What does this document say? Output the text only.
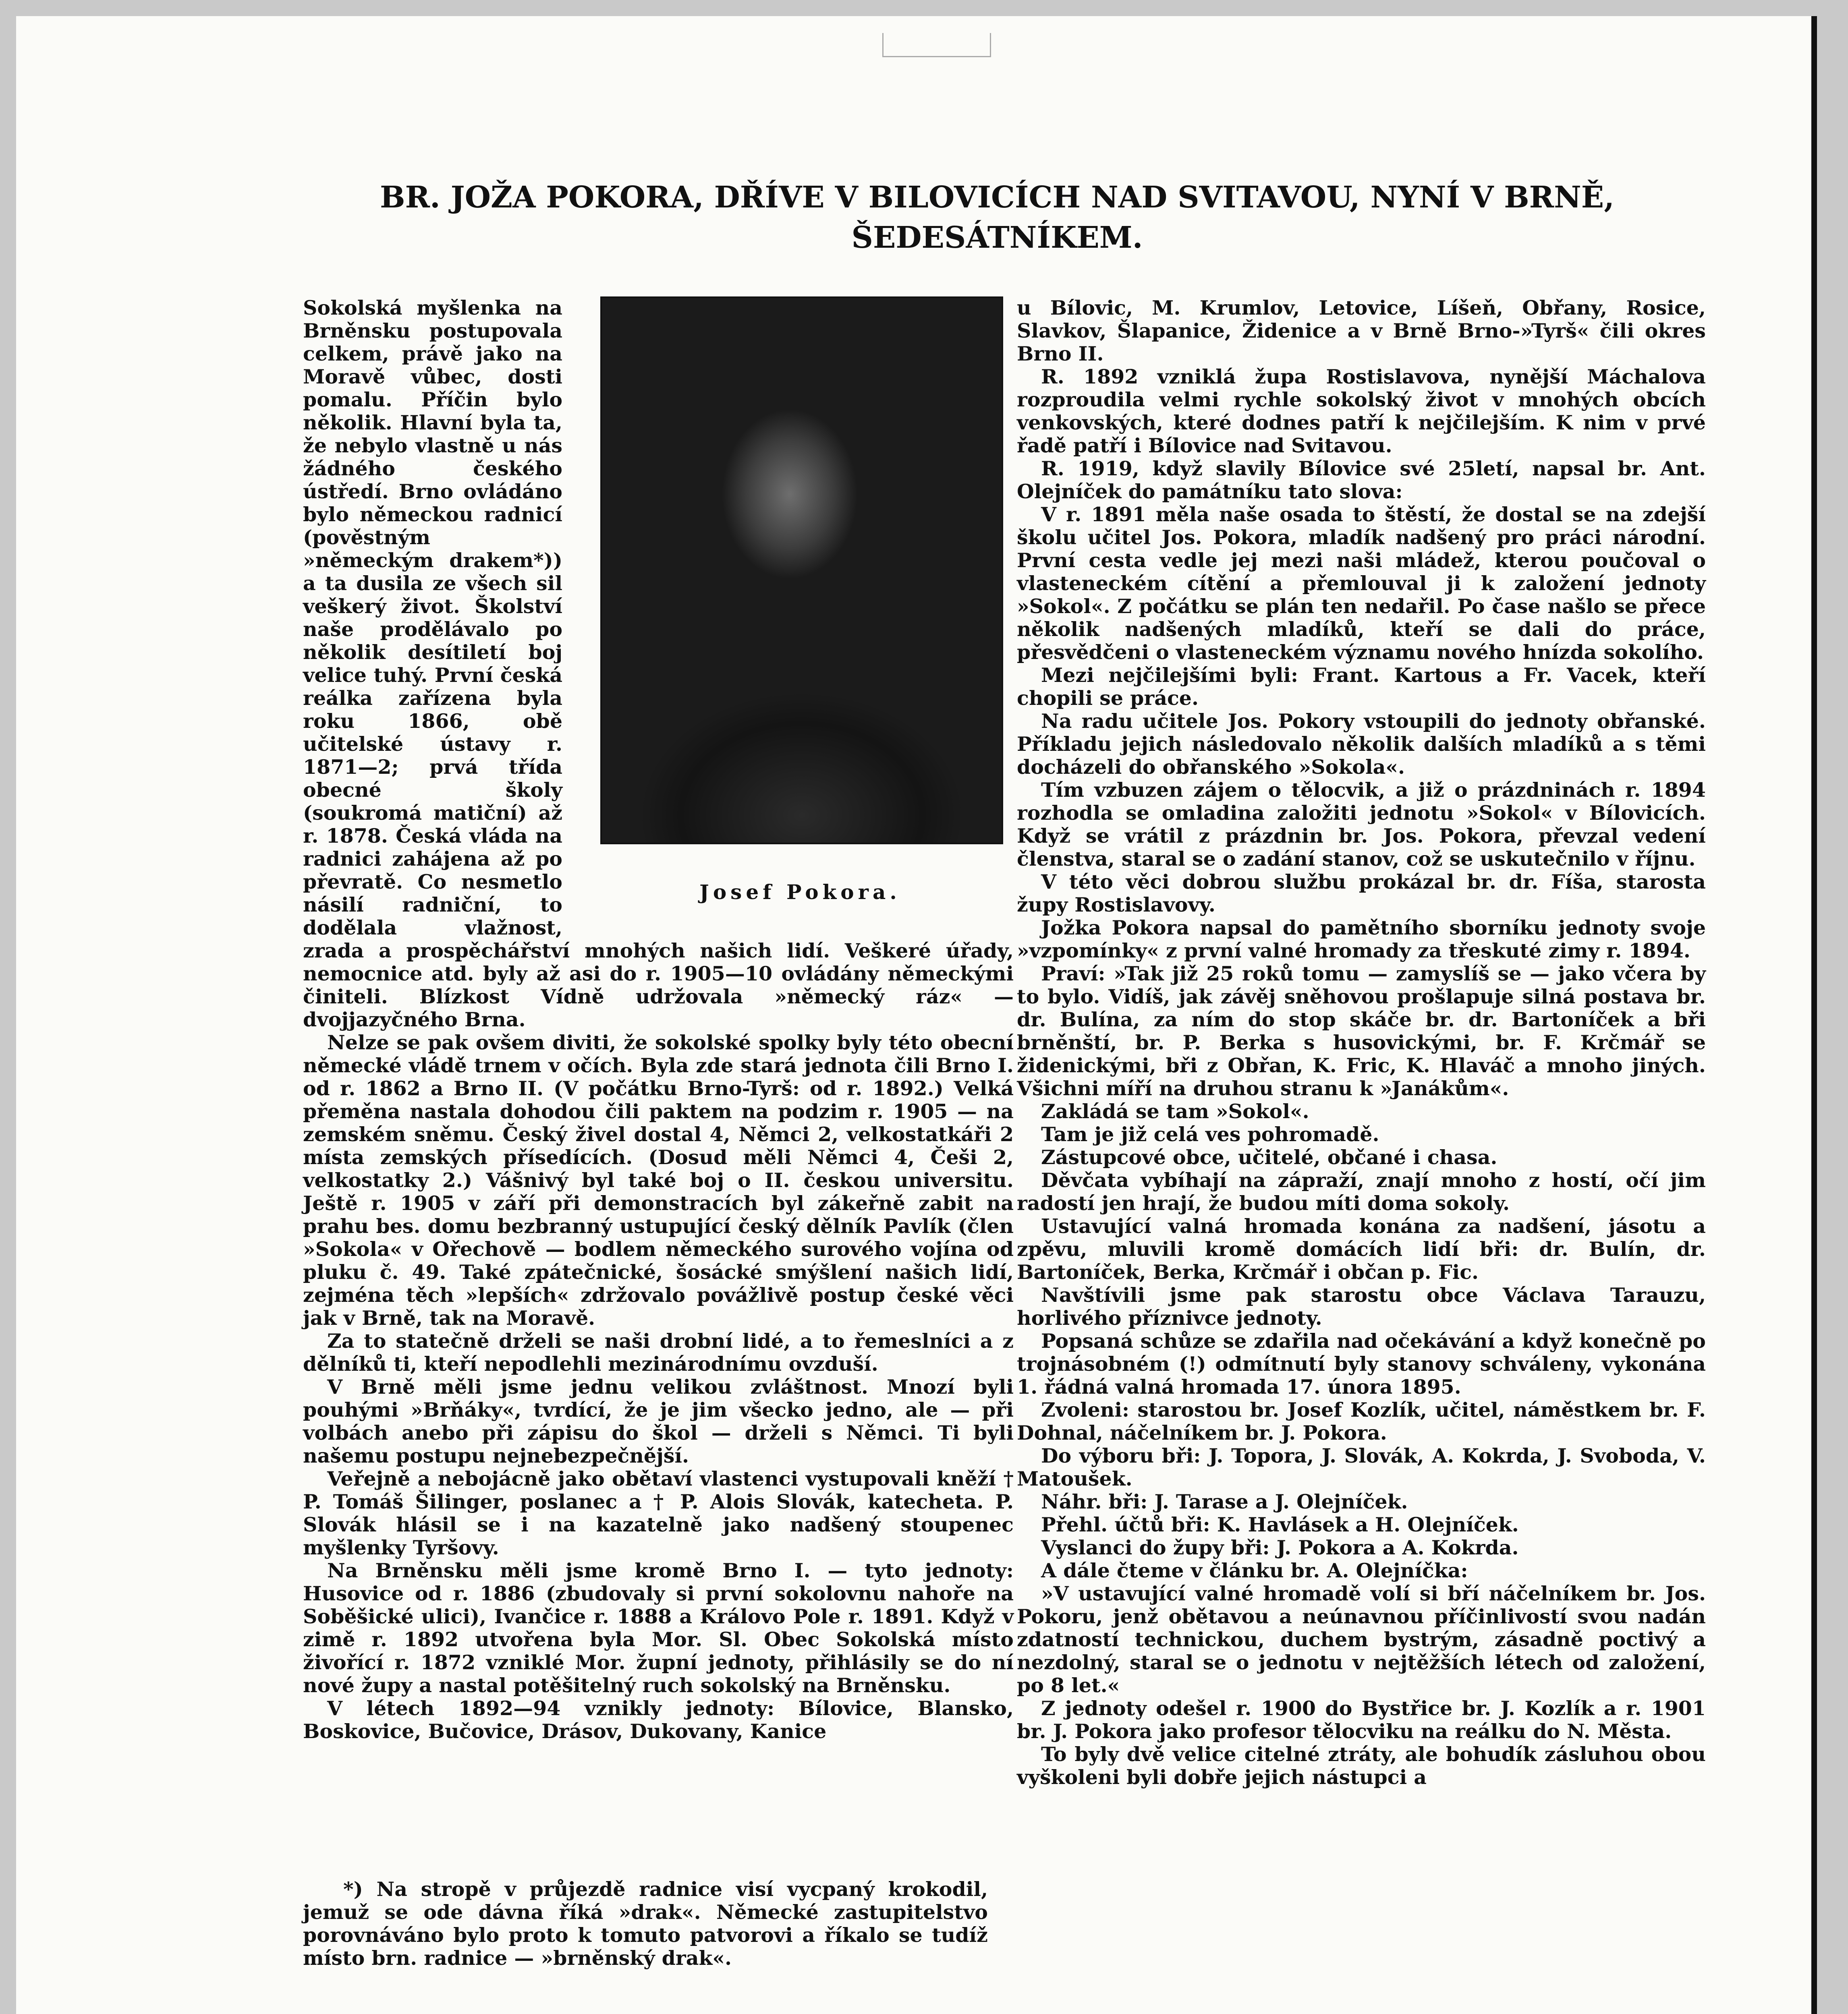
BR. JOŽA POKORA, DŘÍVE V BILOVICÍCH NAD SVITAVOU, NYNÍ V BRNĚ, ŠEDESÁTNÍKEM.
Josef Pokora.

Sokolská myšlenka na Brněnsku postupovala celkem, právě jako na Moravě vůbec, dosti pomalu. Příčin bylo několik. Hlavní byla ta, že nebylo vlastně u nás žádného českého ústředí. Brno ovládáno bylo německou radnicí (pověstným »německým drakem*)) a ta dusila ze všech sil veškerý život. Školství naše prodělávalo po několik desítiletí boj velice tuhý. První česká reálka zařízena byla roku 1866, obě učitelské ústavy r. 1871—2; prvá třída obecné školy (soukromá matiční) až r. 1878. Česká vláda na radnici zahájena až po převratě. Co nesmetlo násilí radniční, to dodělala vlažnost, zrada a prospěchářství mnohých našich lidí. Veškeré úřady, nemocnice atd. byly až asi do r. 1905—10 ovládány německými činiteli. Blízkost Vídně udržovala »německý ráz« — dvojjazyčného Brna.

Nelze se pak ovšem diviti, že sokolské spolky byly této obecní německé vládě trnem v očích. Byla zde stará jednota čili Brno I. od r. 1862 a Brno II. (V počátku Brno-Tyrš: od r. 1892.) Velká přeměna nastala dohodou čili paktem na podzim r. 1905 — na zemském sněmu. Český živel dostal 4, Němci 2, velkostatkáři 2 místa zemských přísedících. (Dosud měli Němci 4, Češi 2, velkostatky 2.) Vášnivý byl také boj o II. českou universitu. Ještě r. 1905 v září při demonstracích byl zákeřně zabit na prahu bes. domu bezbranný ustupující český dělník Pavlík (člen »Sokola« v Ořechově — bodlem německého surového vojína od pluku č. 49. Také zpátečnické, šosácké smýšlení našich lidí, zejména těch »lepších« zdržovalo povážlivě postup české věci jak v Brně, tak na Moravě.

Za to statečně drželi se naši drobní lidé, a to řemeslníci a z dělníků ti, kteří nepodlehli mezinárodnímu ovzduší.

V Brně měli jsme jednu velikou zvláštnost. Mnozí byli pouhými »Brňáky«, tvrdící, že je jim všecko jedno, ale — při volbách anebo při zápisu do škol — drželi s Němci. Ti byli našemu postupu nejnebezpečnější.

Veřejně a nebojácně jako obětaví vlastenci vystupovali kněží † P. Tomáš Šilinger, poslanec a † P. Alois Slovák, katecheta. P. Slovák hlásil se i na kazatelně jako nadšený stoupenec myšlenky Tyršovy.

Na Brněnsku měli jsme kromě Brno I. — tyto jednoty: Husovice od r. 1886 (zbudovaly si první sokolovnu nahoře na Soběšické ulici), Ivančice r. 1888 a Královo Pole r. 1891. Když v zimě r. 1892 utvořena byla Mor. Sl. Obec Sokolská místo živořící r. 1872 vzniklé Mor. župní jednoty, přihlásily se do ní nové župy a nastal potěšitelný ruch sokolský na Brněnsku.

V létech 1892—94 vznikly jednoty: Bílovice, Blansko, Boskovice, Bučovice, Drásov, Dukovany, Kanice

*) Na stropě v průjezdě radnice visí vycpaný krokodil, jemuž se ode dávna říká »drak«. Německé zastupitelstvo porovnáváno bylo proto k tomuto patvorovi a říkalo se tudíž místo brn. radnice — »brněnský drak«.

u Bílovic, M. Krumlov, Letovice, Líšeň, Obřany, Rosice, Slavkov, Šlapanice, Židenice a v Brně Brno-»Tyrš« čili okres Brno II.

R. 1892 vzniklá župa Rostislavova, nynější Máchalova rozproudila velmi rychle sokolský život v mnohých obcích venkovských, které dodnes patří k nejčilejším. K nim v prvé řadě patří i Bílovice nad Svitavou.

R. 1919, když slavily Bílovice své 25letí, napsal br. Ant. Olejníček do památníku tato slova:

V r. 1891 měla naše osada to štěstí, že dostal se na zdejší školu učitel Jos. Pokora, mladík nadšený pro práci národní. První cesta vedle jej mezi naši mládež, kterou poučoval o vlasteneckém cítění a přemlouval ji k založení jednoty »Sokol«. Z počátku se plán ten nedařil. Po čase našlo se přece několik nadšených mladíků, kteří se dali do práce, přesvědčeni o vlasteneckém významu nového hnízda sokolího.

Mezi nejčilejšími byli: Frant. Kartous a Fr. Vacek, kteří chopili se práce.

Na radu učitele Jos. Pokory vstoupili do jednoty obřanské. Příkladu jejich následovalo několik dalších mladíků a s těmi docházeli do obřanského »Sokola«.

Tím vzbuzen zájem o tělocvik, a již o prázdninách r. 1894 rozhodla se omladina založiti jednotu »Sokol« v Bílovicích. Když se vrátil z prázdnin br. Jos. Pokora, převzal vedení členstva, staral se o zadání stanov, což se uskutečnilo v říjnu.

V této věci dobrou službu prokázal br. dr. Fíša, starosta župy Rostislavovy.

Jožka Pokora napsal do pamětního sborníku jednoty svoje »vzpomínky« z první valné hromady za třeskuté zimy r. 1894.

Praví: »Tak již 25 roků tomu — zamyslíš se — jako včera by to bylo. Vidíš, jak závěj sněhovou prošlapuje silná postava br. dr. Bulína, za ním do stop skáče br. dr. Bartoníček a bři brněnští, br. P. Berka s husovickými, br. F. Krčmář se židenickými, bři z Obřan, K. Fric, K. Hlaváč a mnoho jiných. Všichni míří na druhou stranu k »Janákům«.

Zakládá se tam »Sokol«.

Tam je již celá ves pohromadě.

Zástupcové obce, učitelé, občané i chasa.

Děvčata vybíhají na zápraží, znají mnoho z hostí, očí jim radostí jen hrají, že budou míti doma sokoly.

Ustavující valná hromada konána za nadšení, jásotu a zpěvu, mluvili kromě domácích lidí bři: dr. Bulín, dr. Bartoníček, Berka, Krčmář i občan p. Fic.

Navštívili jsme pak starostu obce Václava Tarauzu, horlivého příznivce jednoty.

Popsaná schůze se zdařila nad očekávání a když konečně po trojnásobném (!) odmítnutí byly stanovy schváleny, vykonána 1. řádná valná hromada 17. února 1895.

Zvoleni: starostou br. Josef Kozlík, učitel, náměstkem br. F. Dohnal, náčelníkem br. J. Pokora.

Do výboru bři: J. Topora, J. Slovák, A. Kokrda, J. Svoboda, V. Matoušek.

Náhr. bři: J. Tarase a J. Olejníček.

Přehl. účtů bři: K. Havlásek a H. Olejníček.

Vyslanci do župy bři: J. Pokora a A. Kokrda.

A dále čteme v článku br. A. Olejníčka:

»V ustavující valné hromadě volí si bří náčelníkem br. Jos. Pokoru, jenž obětavou a neúnavnou příčinlivostí svou nadán zdatností technickou, duchem bystrým, zásadně poctivý a nezdolný, staral se o jednotu v nejtěžších létech od založení, po 8 let.«

Z jednoty odešel r. 1900 do Bystřice br. J. Kozlík a r. 1901 br. J. Pokora jako profesor tělocviku na reálku do N. Města.

To byly dvě velice citelné ztráty, ale bohudík zásluhou obou vyškoleni byli dobře jejich nástupci a
